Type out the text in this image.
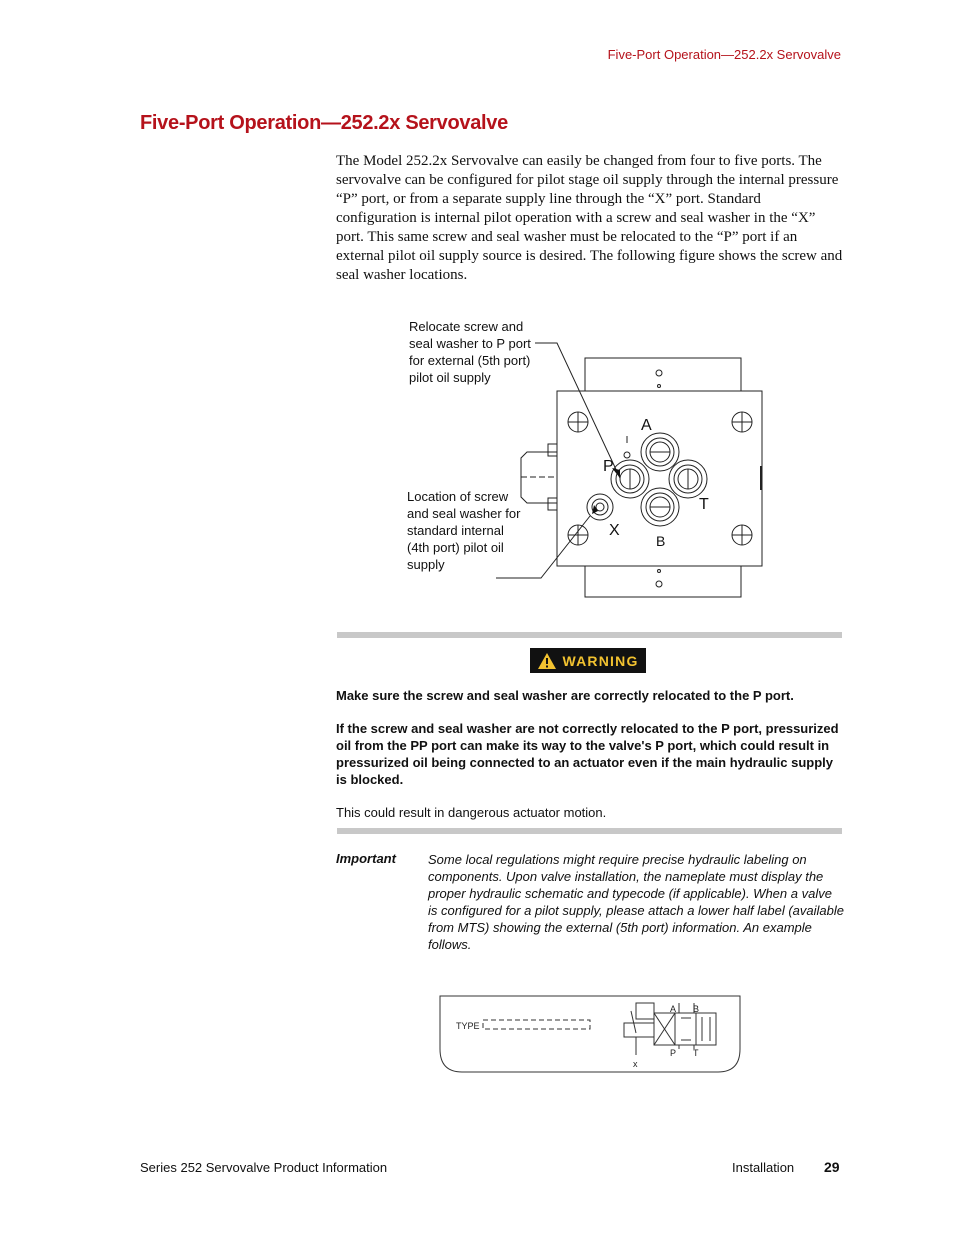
Five-Port Operation—252.2x Servovalve
Five-Port Operation—252.2x Servovalve
The Model 252.2x Servovalve can easily be changed from four to five ports. The servovalve can be configured for pilot stage oil supply through the internal pressure “P” port, or from a separate supply line through the “X” port. Standard configuration is internal pilot operation with a screw and seal washer in the “X” port. This same screw and seal washer must be relocated to the “P” port if an external pilot oil supply source is desired. The following figure shows the screw and seal washer locations.
Relocate screw and seal washer to P port for external (5th port) pilot oil supply
Location of screw and seal washer for standard internal (4th port) pilot oil supply
A
P
T
X
B
WARNING
Make sure the screw and seal washer are correctly relocated to the P port.
If the screw and seal washer are not correctly relocated to the P port, pressurized oil from the PP port can make its way to the valve's P port, which could result in pressurized oil being connected to an actuator even if the main hydraulic supply is blocked.
This could result in dangerous actuator motion.
Important Some local regulations might require precise hydraulic labeling on components. Upon valve installation, the nameplate must display the proper hydraulic schematic and typecode (if applicable). When a valve is configured for a pilot supply, please attach a lower half label (available from MTS) showing the external (5th port) information. An example follows.
TYPE
A B
P T
x
Series 252 Servovalve Product Information	Installation 29
